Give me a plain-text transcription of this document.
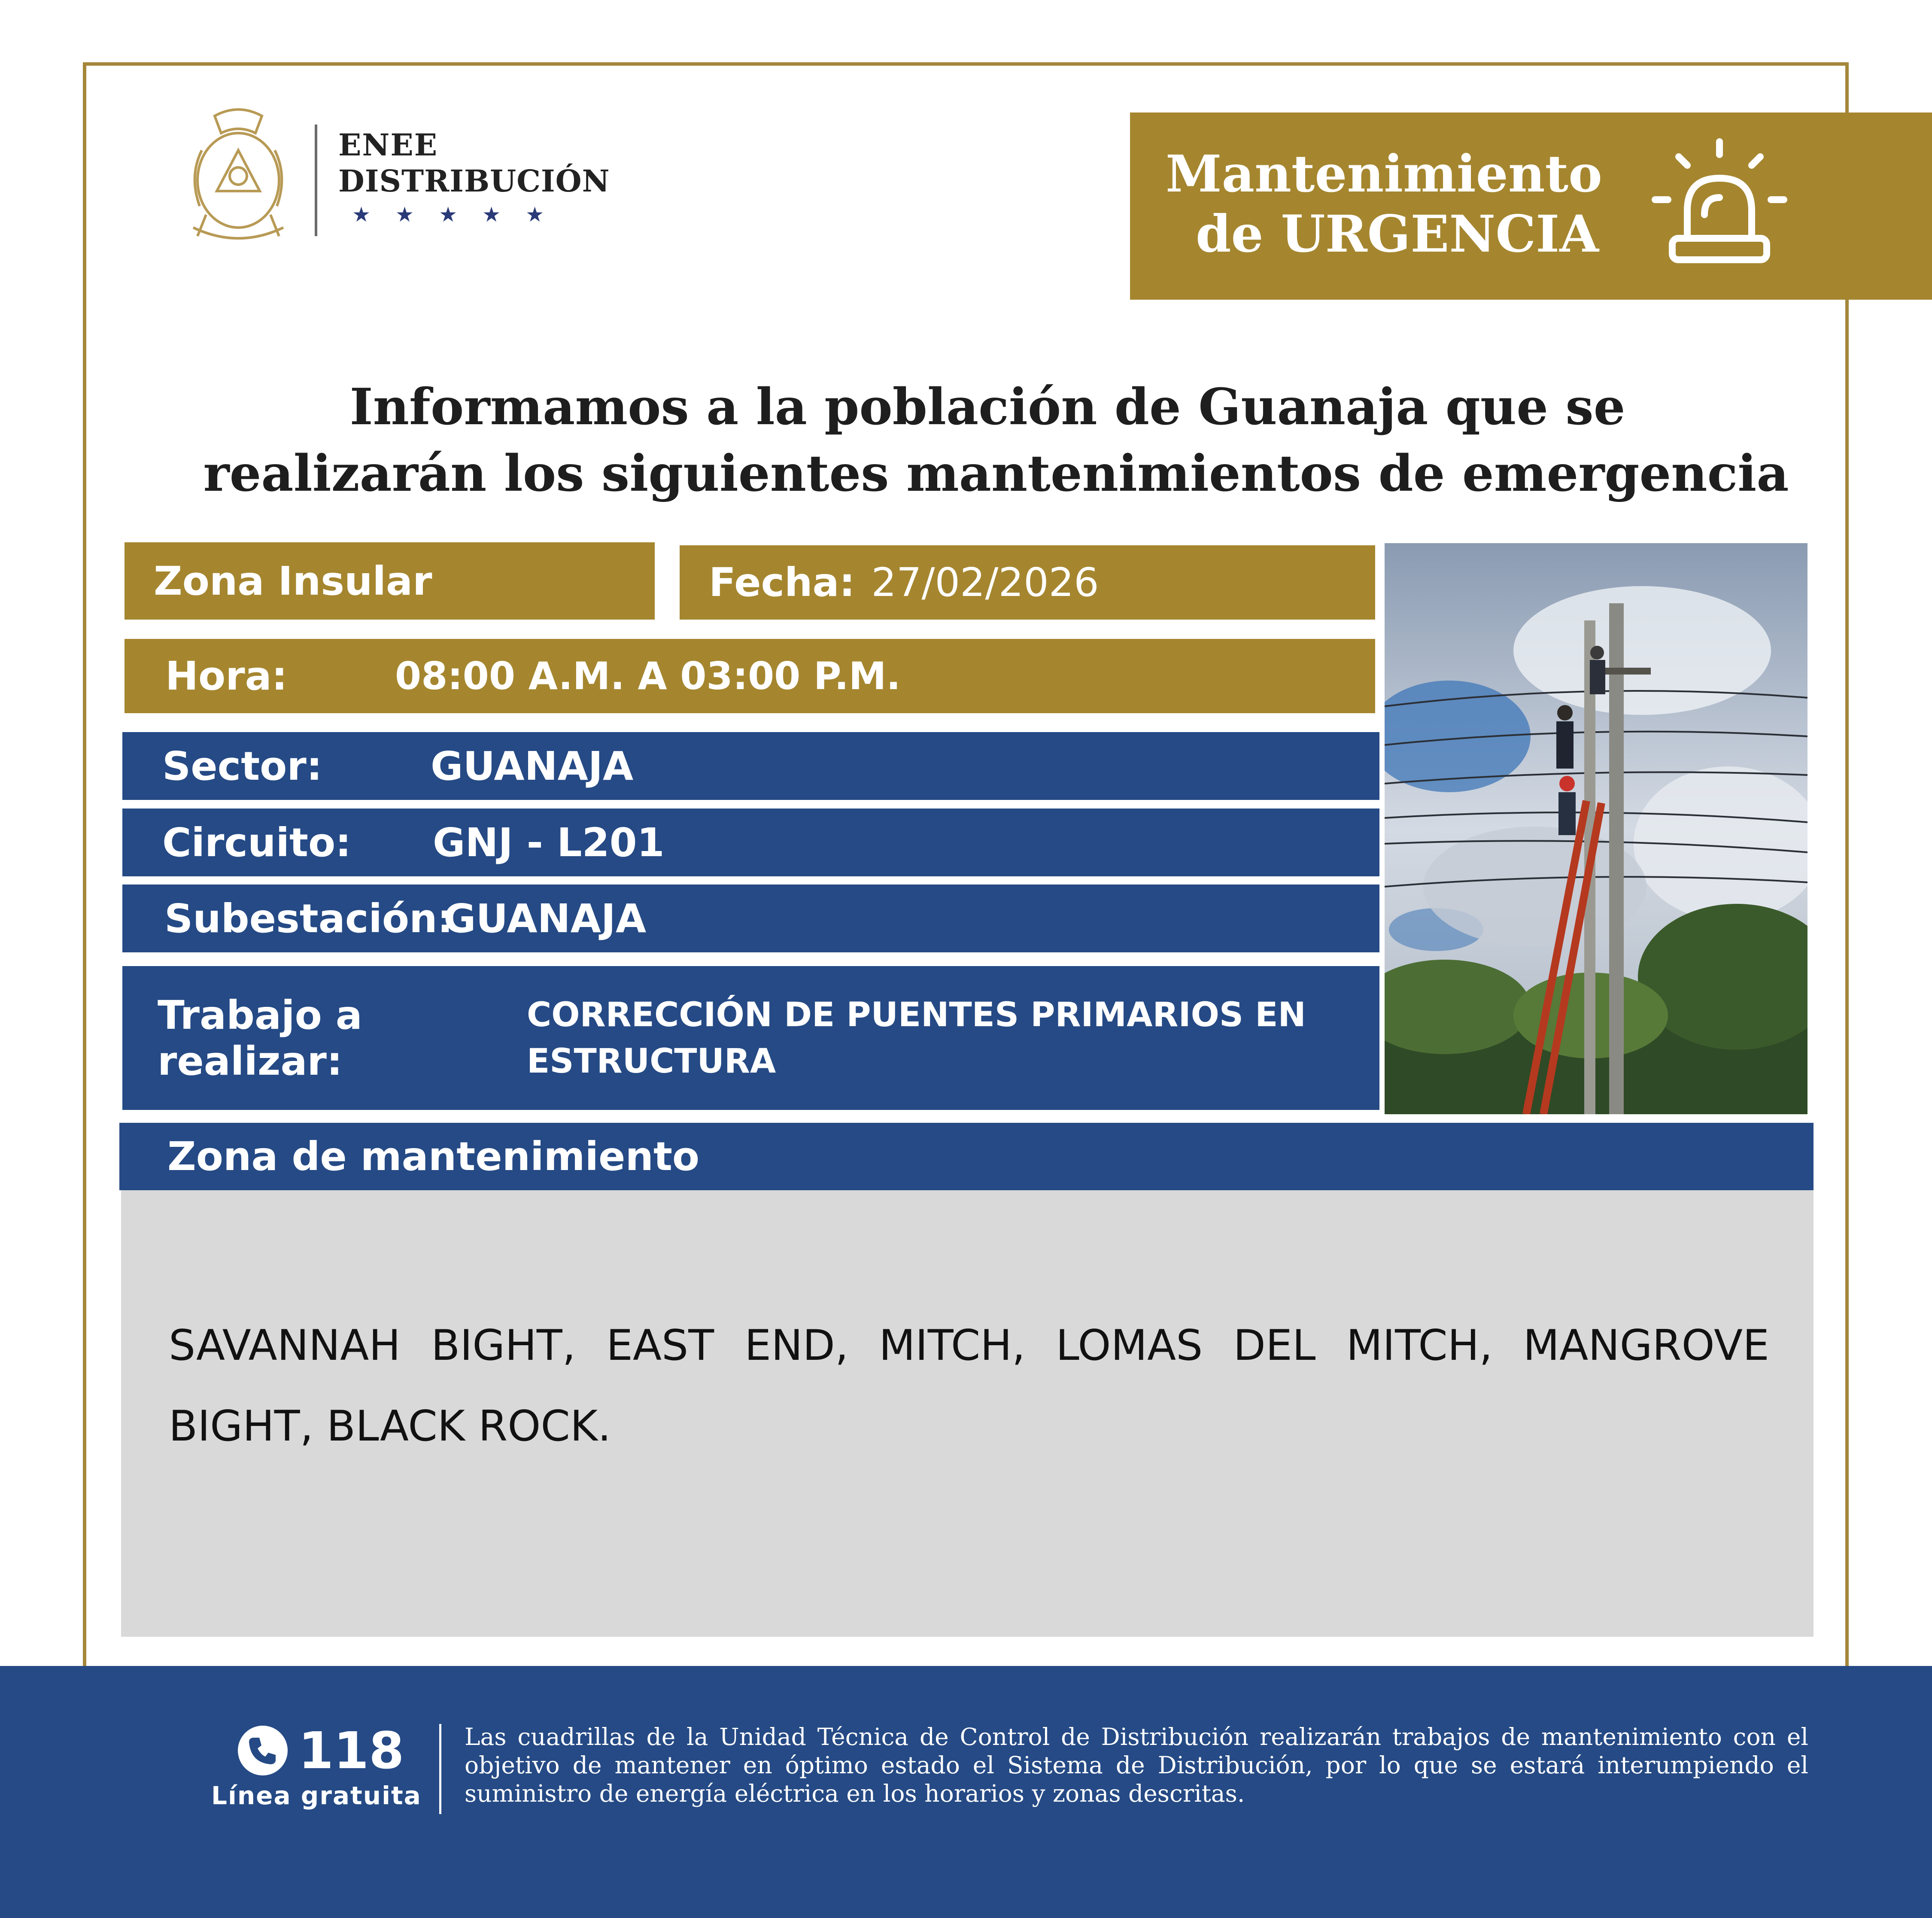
ENEE
DISTRIBUCIÓN
★★★★★
Mantenimiento
de URGENCIA
Informamos a la población de Guanaja que se
realizarán los siguientes mantenimientos de emergencia
Zona Insular	Fecha: 27/02/2026
Hora:	08:00 A.M. A 03:00 P.M.
Sector:	GUANAJA
Circuito:	GNJ - L201
Subestación:
GUANAJA
Trabajo a realizar:
CORRECCIÓN DE PUENTES PRIMARIOS EN
ESTRUCTURA
Zona de mantenimiento
SAVANNAH BIGHT, EAST END, MITCH, LOMAS DEL MITCH, MANGROVE BIGHT, BLACK ROCK.
118
Línea gratuita
Las cuadrillas de la Unidad Técnica de Control de Distribución realizarán trabajos de mantenimiento con el
objetivo de mantener en óptimo estado el Sistema de Distribución, por lo que se estará interumpiendo el
suministro de energía eléctrica en los horarios y zonas descritas.
